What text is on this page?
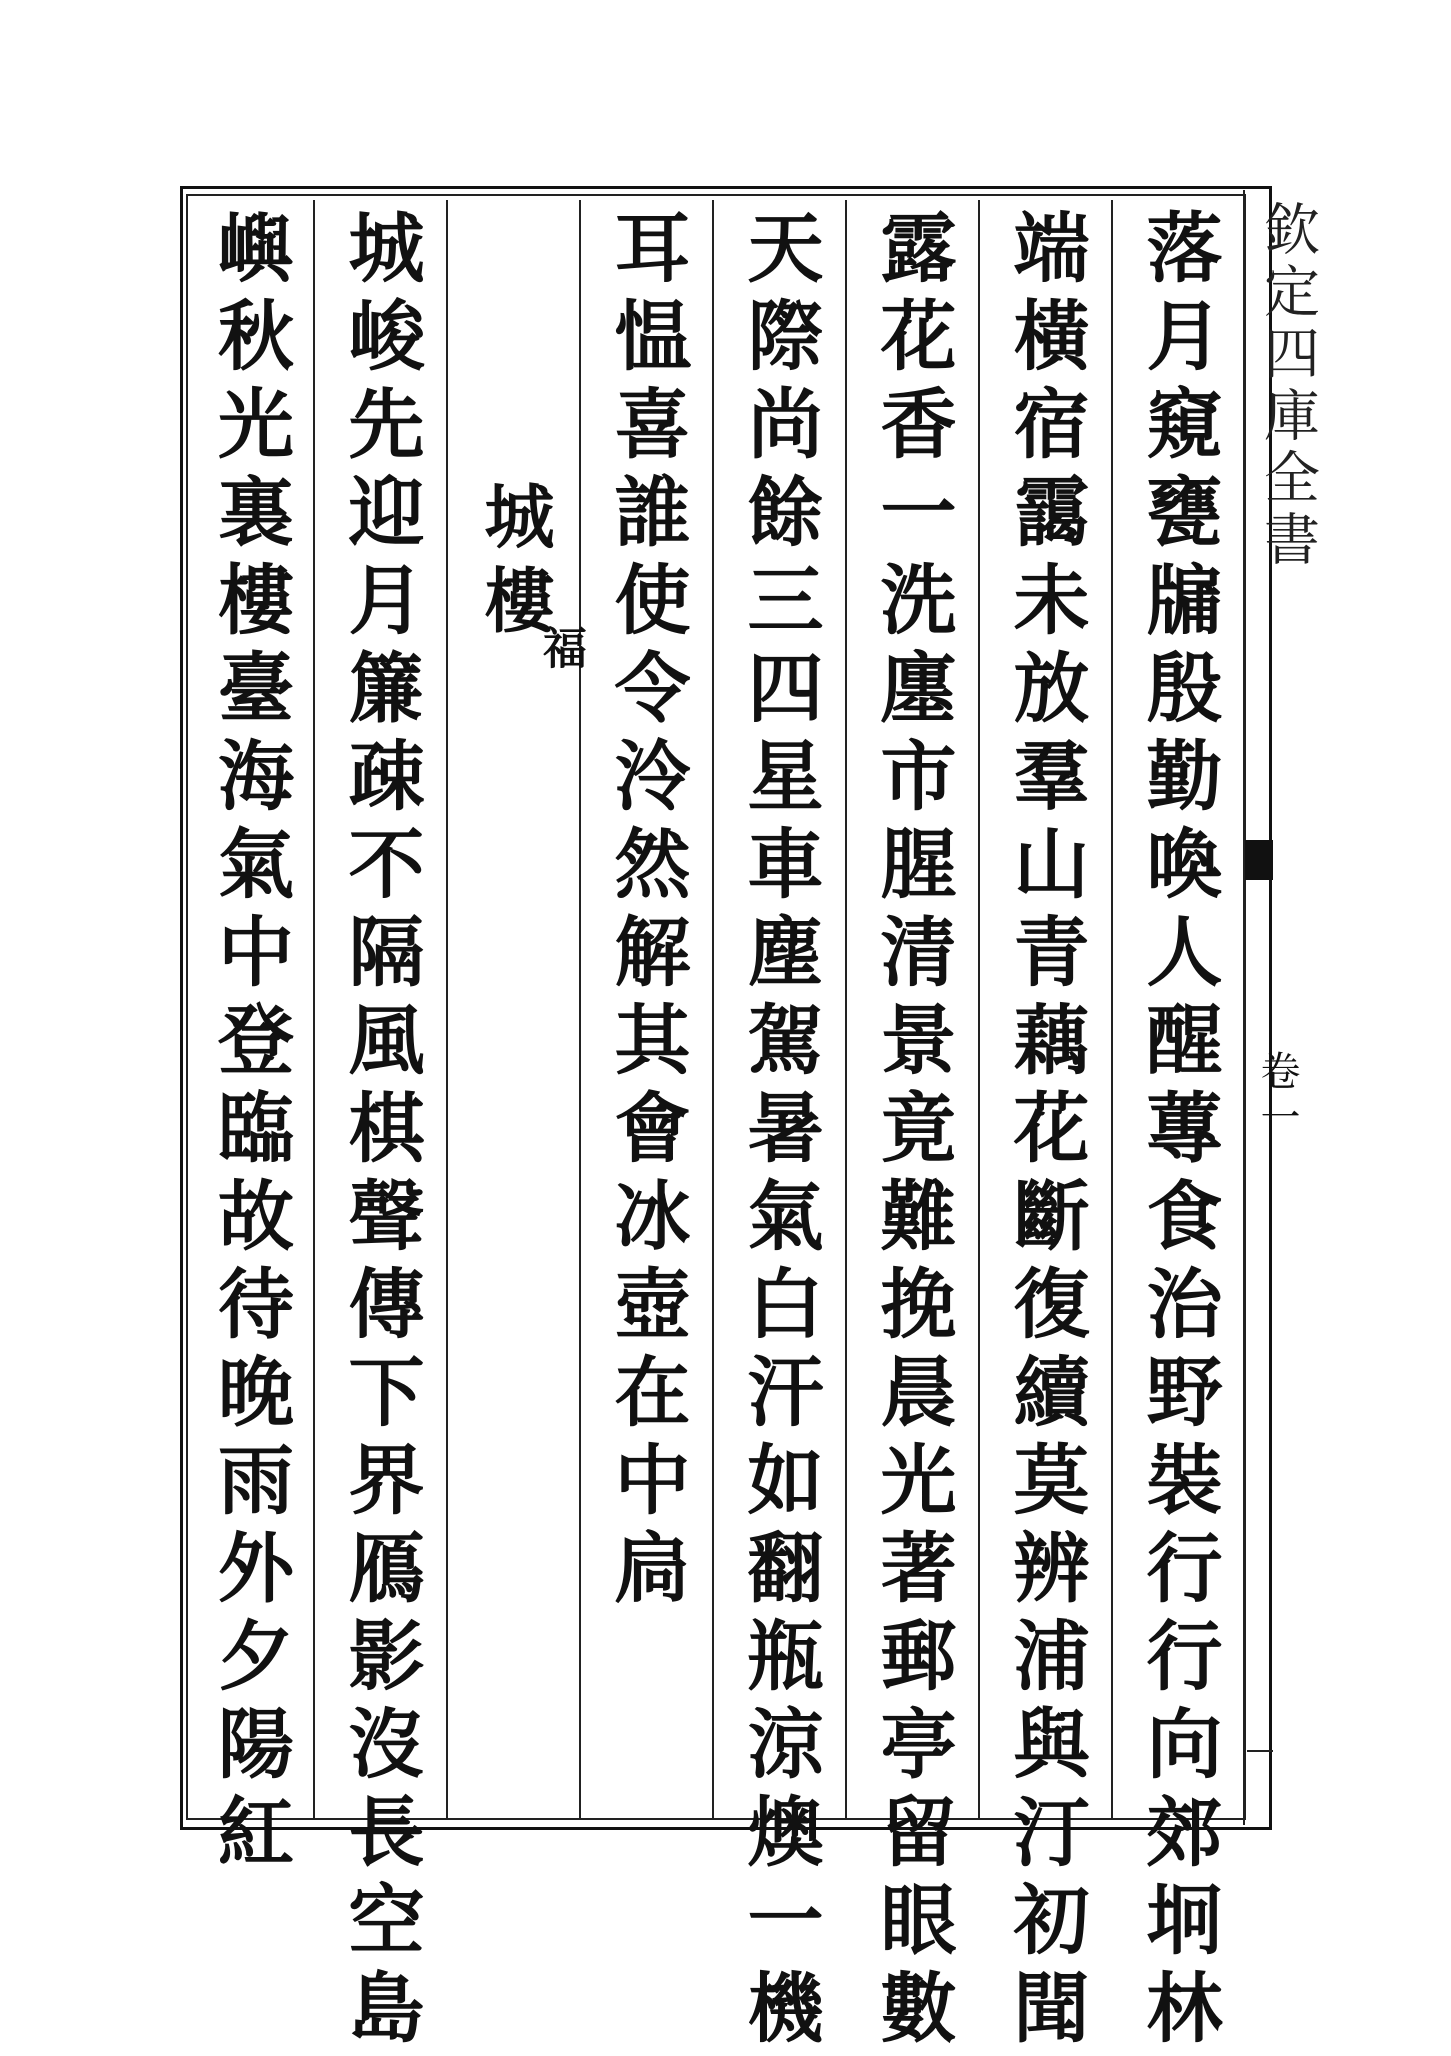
欽定四庫全書
卷一
落月窺甕牖殷勤喚人醒蓴食治野裝行行向郊坰林
端橫宿靄未放羣山青藕花斷復續莫辨浦與汀初聞
露花香一洗廛市腥清景竟難挽晨光著郵亭留眼數
天際尚餘三四星車塵駕暑氣白汗如翻瓶涼燠一機
耳愠喜誰使令泠然解其會冰壺在中扃
城樓
福
城峻先迎月簾疎不隔風棋聲傳下界鴈影沒長空島
嶼秋光裏樓臺海氣中登臨故待晚雨外夕陽紅
